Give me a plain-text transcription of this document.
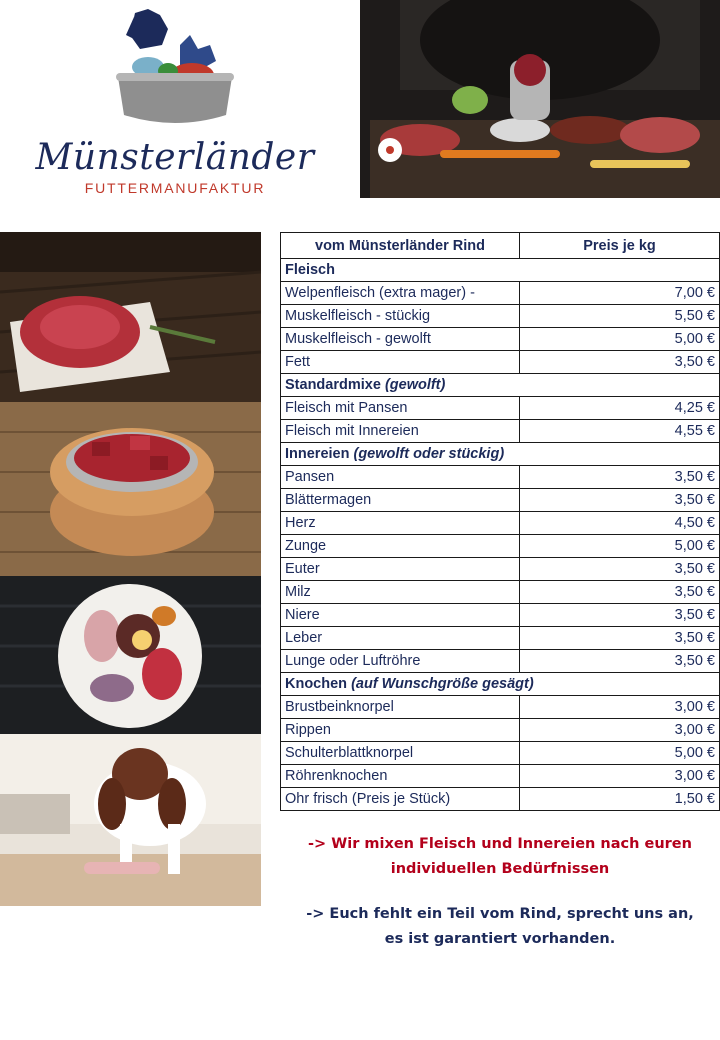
Münsterländer
FUTTERMANUFAKTUR
vom Münsterländer Rind	Preis je kg
Fleisch	
Welpenfleisch (extra mager) -	7,00 €
Muskelfleisch - stückig	5,50 €
Muskelfleisch - gewolft	5,00 €
Fett	3,50 €
Standardmixe (gewolft)	
Fleisch mit Pansen	4,25 €
Fleisch mit Innereien	4,55 €
Innereien (gewolft oder stückig)	
Pansen	3,50 €
Blättermagen	3,50 €
Herz	4,50 €
Zunge	5,00 €
Euter	3,50 €
Milz	3,50 €
Niere	3,50 €
Leber	3,50 €
Lunge oder Luftröhre	3,50 €
Knochen (auf Wunschgröße gesägt)	
Brustbeinknorpel	3,00 €
Rippen	3,00 €
Schulterblattknorpel	5,00 €
Röhrenknochen	3,00 €
Ohr frisch (Preis je Stück)	1,50 €
-> Wir mixen Fleisch und Innereien nach euren
individuellen Bedürfnissen
-> Euch fehlt ein Teil vom Rind, sprecht uns an,
es ist garantiert vorhanden.
